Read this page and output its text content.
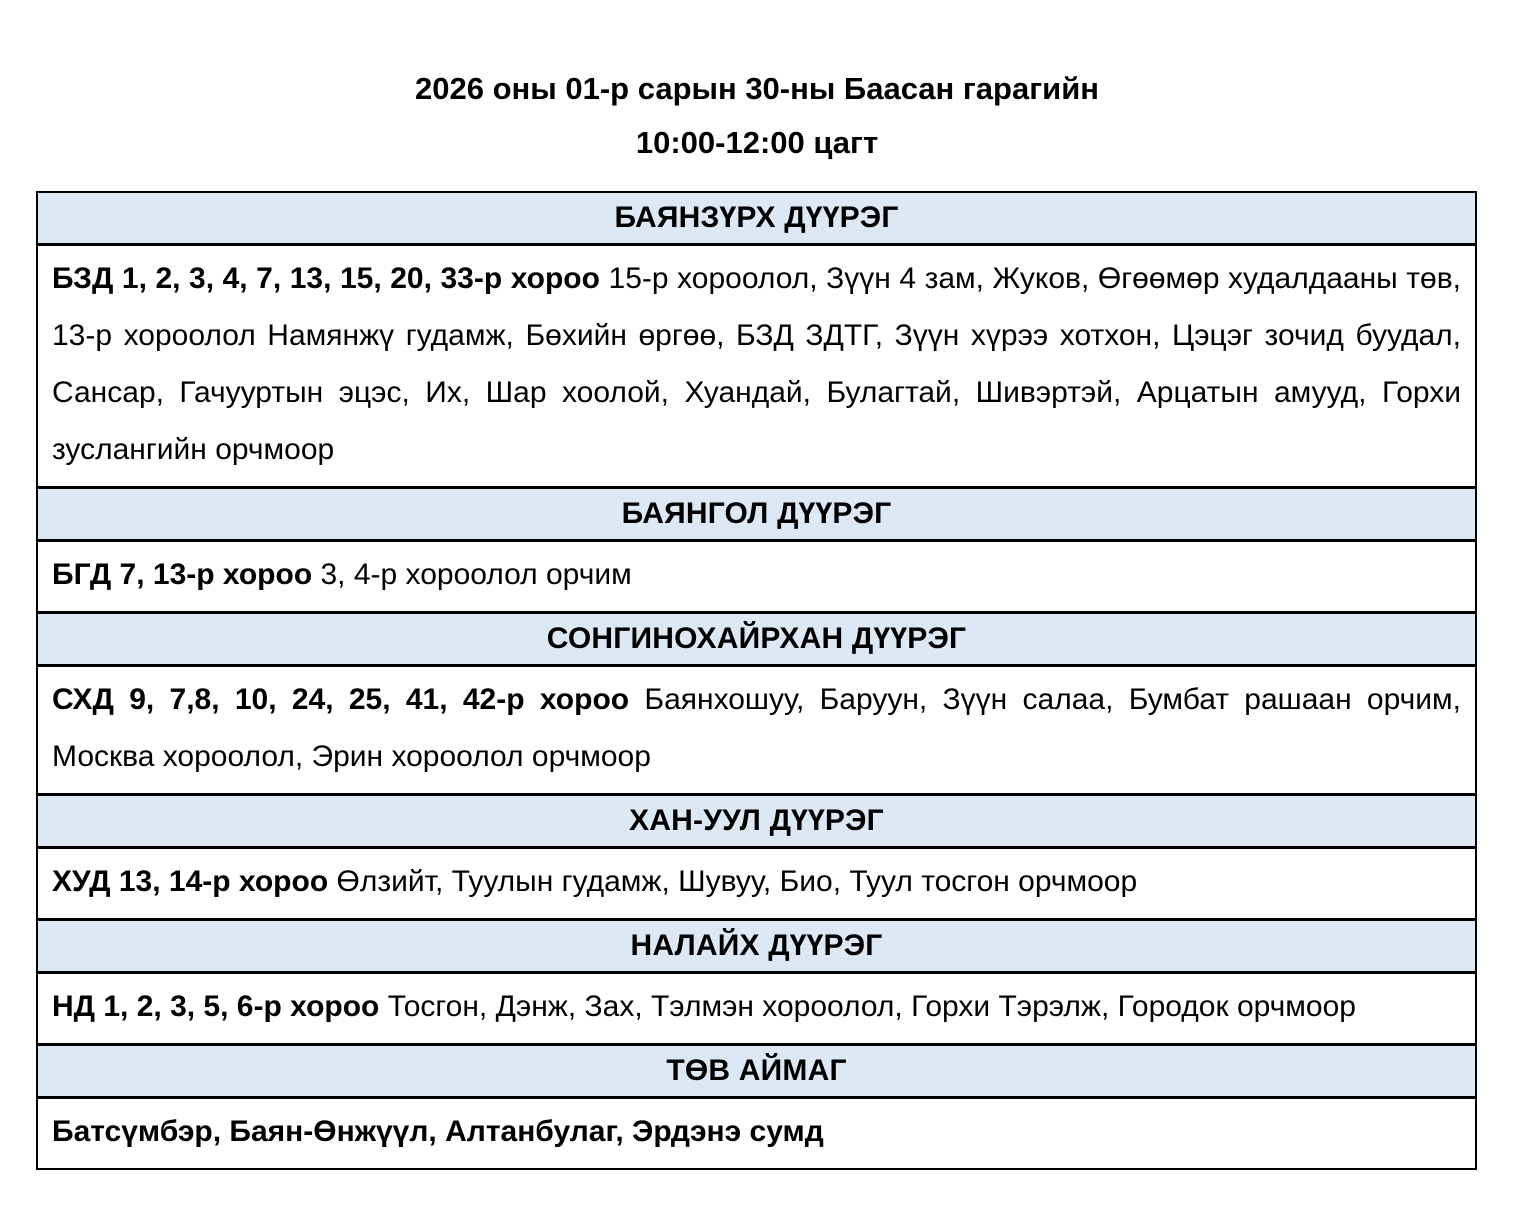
2026 оны 01-р сарын 30-ны Баасан гарагийн
10:00-12:00 цагт
БАЯНЗҮРХ ДҮҮРЭГ
БЗД 1, 2, 3, 4, 7, 13, 15, 20, 33-р хороо 15-р хороолол, Зүүн 4 зам, Жуков, Өгөөмөр худалдааны төв, 13-р хороолол Намянжү гудамж, Бөхийн өргөө, БЗД ЗДТГ, Зүүн хүрээ хотхон, Цэцэг зочид буудал, Сансар, Гачууртын эцэс, Их, Шар хоолой, Хуандай, Булагтай, Шивэртэй, Арцатын амууд, Горхи зуслангийн орчмоор
БАЯНГОЛ ДҮҮРЭГ
БГД 7, 13-р хороо 3, 4-р хороолол орчим
СОНГИНОХАЙРХАН ДҮҮРЭГ
СХД 9, 7,8, 10, 24, 25, 41, 42-р хороо Баянхошуу, Баруун, Зүүн салаа, Бумбат рашаан орчим, Москва хороолол, Эрин хороолол орчмоор
ХАН-УУЛ ДҮҮРЭГ
ХУД 13, 14-р хороо Өлзийт, Туулын гудамж, Шувуу, Био, Туул тосгон орчмоор
НАЛАЙХ ДҮҮРЭГ
НД 1, 2, 3, 5, 6-р хороо Тосгон, Дэнж, Зах, Тэлмэн хороолол, Горхи Тэрэлж, Городок орчмоор
ТӨВ АЙМАГ
Батсүмбэр, Баян-Өнжүүл, Алтанбулаг, Эрдэнэ сумд
